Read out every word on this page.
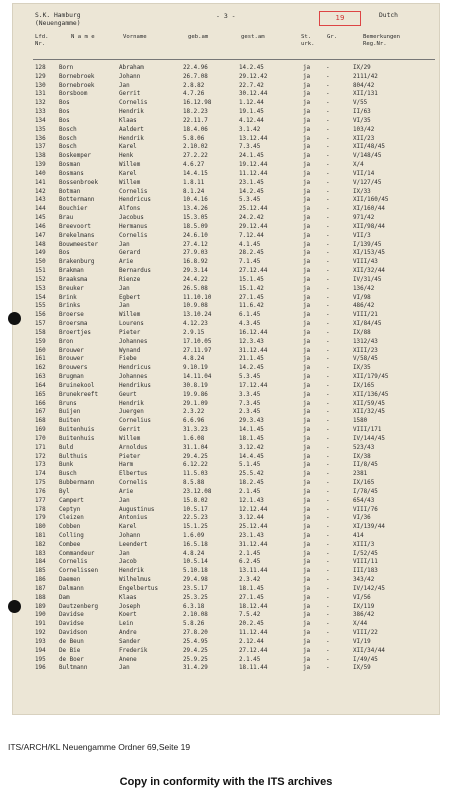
S.K. Hamburg
(Neuengamme)
- 3 -	19	Dutch
Lfd.
Nr.
N a m e	Vorname	geb.am	gest.am	St.
urk.
Gr.	Bemerkungen
Reg.Nr.
128 Born	Abraham	22.4.96	14.2.45	ja	-	IX/29
129 Bornebroek	Johann	26.7.08	29.12.42	ja	-	2111/42
130 Bornebroek	Jan	2.8.82	22.7.42	ja	-	804/42
131 Borsboom	Gerrit	4.7.26	30.12.44	ja	-	XII/131
132 Bos	Cornelis	16.12.98	1.12.44	ja	-	V/55
133 Bos	Hendrik	18.2.23	19.1.45	ja	-	II/63
134 Bos	Klaas	22.11.7	4.12.44	ja	-	VI/35
135 Bosch	Aaldert	18.4.06	3.1.42	ja	-	103/42
136 Bosch	Hendrik	5.8.06	13.12.44	ja	-	XII/23
137 Bosch	Karel	2.10.02	7.3.45	ja	-	XII/48/45
138 Boskemper	Henk	27.2.22	24.1.45	ja	-	V/148/45
139 Bosman	Willem	4.6.27	19.12.44	ja	-	X/4
140 Bosmans	Karel	14.4.15	11.12.44	ja	-	VII/14
141 Bossenbroek	Willem	1.8.11	23.1.45	ja	-	V/127/45
142 Botman	Cornelis	8.1.24	14.2.45	ja	-	IX/33
143 Bottermann	Hendricus	10.4.16	5.3.45	ja	-	XII/160/45
144 Bouchier	Alfons	13.4.26	25.12.44	ja	-	XI/160/44
145 Brau	Jacobus	15.3.05	24.2.42	ja	-	971/42
146 Breevoort	Hermanus	18.5.09	29.12.44	ja	-	XII/98/44
147 Brekelmans	Cornelis	24.6.10	7.12.44	ja	-	VII/3
148 Bouwmeester	Jan	27.4.12	4.1.45	ja	-	I/139/45
149 Bos	Gerard	27.9.03	28.2.45	ja	-	XI/153/45
150 Brakenburg	Arie	16.8.92	7.1.45	ja	-	VIII/43
151 Brakman	Bernardus	29.3.14	27.12.44	ja	-	XII/32/44
152 Braaksma	Rienze	24.4.22	15.1.45	ja	-	IV/31/45
153 Breuker	Jan	26.5.08	15.1.42	ja	-	136/42
154 Brink	Egbert	11.10.10	27.1.45	ja	-	VI/98
155 Brinks	Jan	10.9.08	11.6.42	ja	-	486/42
156 Broerse	Willem	13.10.24	6.1.45	ja	-	VIII/21
157 Broersma	Lourens	4.12.23	4.3.45	ja	-	XI/84/45
158 Broertjes	Pieter	2.9.15	16.12.44	ja	-	IX/88
159 Bron	Johannes	17.10.05	12.3.43	ja	-	1312/43
160 Brouwer	Wynand	27.11.97	31.12.44	ja	-	XIII/23
161 Brouwer	Fiebe	4.8.24	21.1.45	ja	-	V/58/45
162 Brouwers	Hendricus	9.10.19	14.2.45	ja	-	IX/35
163 Brugman	Johannes	14.11.04	5.3.45	ja	-	XII/179/45
164 Bruinekool	Hendrikus	30.8.19	17.12.44	ja	-	IX/165
165 Brunekreeft	Geurt	19.9.86	3.3.45	ja	-	XII/136/45
166 Bruns	Hendrik	29.1.09	7.3.45	ja	-	XII/59/45
167 Buijen	Juergen	2.3.22	2.3.45	ja	-	XII/32/45
168 Buiten	Cornelius	6.6.96	29.3.43	ja	-	1580
169 Buitenhuis	Gerrit	31.3.23	14.1.45	ja	-	VIII/171
170 Buitenhuis	Willem	1.6.08	18.1.45	ja	-	IV/144/45
171 Buld	Arnoldus	31.1.04	3.12.42	ja	-	523/43
172 Bulthuis	Pieter	29.4.25	14.4.45	ja	-	IX/38
173 Bunk	Harm	6.12.22	5.1.45	ja	-	II/8/45
174 Busch	Elbertus	11.5.03	25.5.42	ja	-	2381
175 Bubbermann	Cornelis	8.5.88	18.2.45	ja	-	IX/165
176 Byl	Arie	23.12.08	2.1.45	ja	-	I/78/45
177 Campert	Jan	15.8.02	12.1.43	ja	-	654/43
178 Ceptyn	Augustinus	10.5.17	12.12.44	ja	-	VIII/76
179 Cleizen	Antonius	22.5.23	3.12.44	ja	-	VI/36
180 Cobben	Karel	15.1.25	25.12.44	ja	-	XI/139/44
181 Colling	Johann	1.6.09	23.1.43	ja	-	414
182 Combee	Leendert	16.5.18	31.12.44	ja	-	XIII/3
183 Commandeur	Jan	4.8.24	2.1.45	ja	-	I/52/45
184 Cornelis	Jacob	10.5.14	6.2.45	ja	-	VIII/11
185 Cornelissen	Hendrik	5.10.18	13.11.44	ja	-	III/183
186 Daemen	Wilhelmus	29.4.98	2.3.42	ja	-	343/42
187 Dalmann	Engelbertus	23.5.17	18.1.45	ja	-	IV/142/45
188 Dam	Klaas	25.3.25	27.1.45	ja	-	VI/56
189 Dautzenberg	Joseph	6.3.18	18.12.44	ja	-	IX/119
190 Davidse	Koert	2.10.08	7.5.42	ja	-	386/42
191 Davidse	Lein	5.8.26	20.2.45	ja	-	X/44
192 Davidson	Andre	27.8.20	11.12.44	ja	-	VIII/22
193 de Beun	Sander	25.4.95	2.12.44	ja	-	VI/19
194 De Bie	Frederik	29.4.25	27.12.44	ja	-	XII/34/44
195 de Boer	Anene	25.9.25	2.1.45	ja	-	I/49/45
196 Bultmann	Jan	31.4.29	18.11.44	ja	-	IX/59
ITS/ARCH/KL Neuengamme Ordner 69,Seite 19
Copy in conformity with the ITS archives
